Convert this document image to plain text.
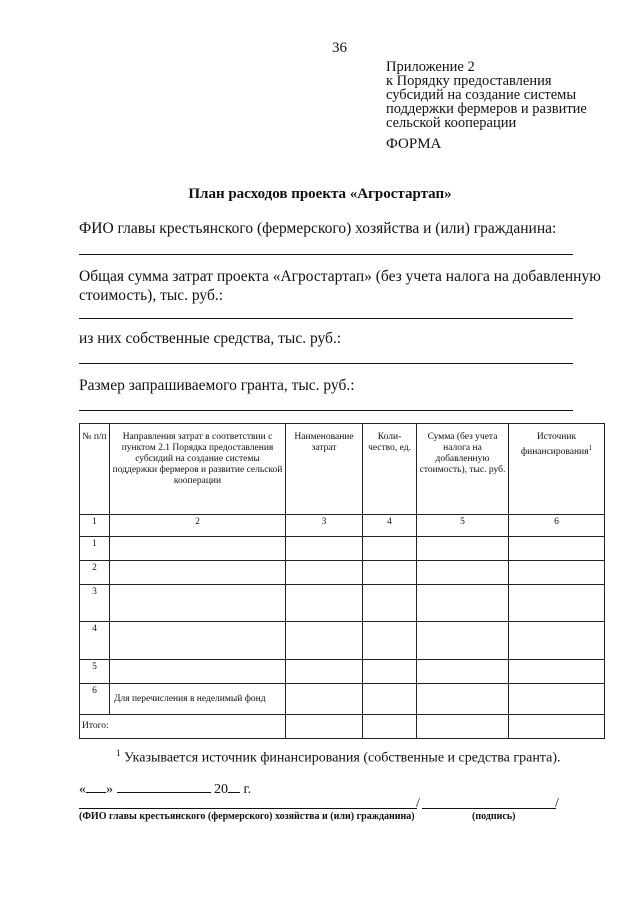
36
Приложение 2
к Порядку предоставления
субсидий на создание системы
поддержки фермеров и развитие
сельской кооперации
ФОРМА
План расходов проекта «Агростартап»
ФИО главы крестьянского (фермерского) хозяйства и (или) гражданина:
Общая сумма затрат проекта «Агростартап» (без учета налога на добавленную
стоимость), тыс. руб.:
из них собственные средства, тыс. руб.:
Размер запрашиваемого гранта, тыс. руб.:
№ п/п	Направления затрат в соответствии с пунктом 2.1 Порядка предоставления субсидий на создание системы поддержки фермеров и развитие сельской кооперации	Наименование затрат	Коли-чество, ед.	Сумма (без учета налога на добавленную стоимость), тыс. руб.	Источник финансирования$^1$
1	2	3	4	5	6
1					
2					
3					
4					
5					
6	Для перечисления в неделимый фонд				
Итого:					
$^1$ Указывается источник финансирования (собственные и средства гранта).
« »	20 г.
/	/
(ФИО главы крестьянского (фермерского) хозяйства и (или) гражданина)	(подпись)
